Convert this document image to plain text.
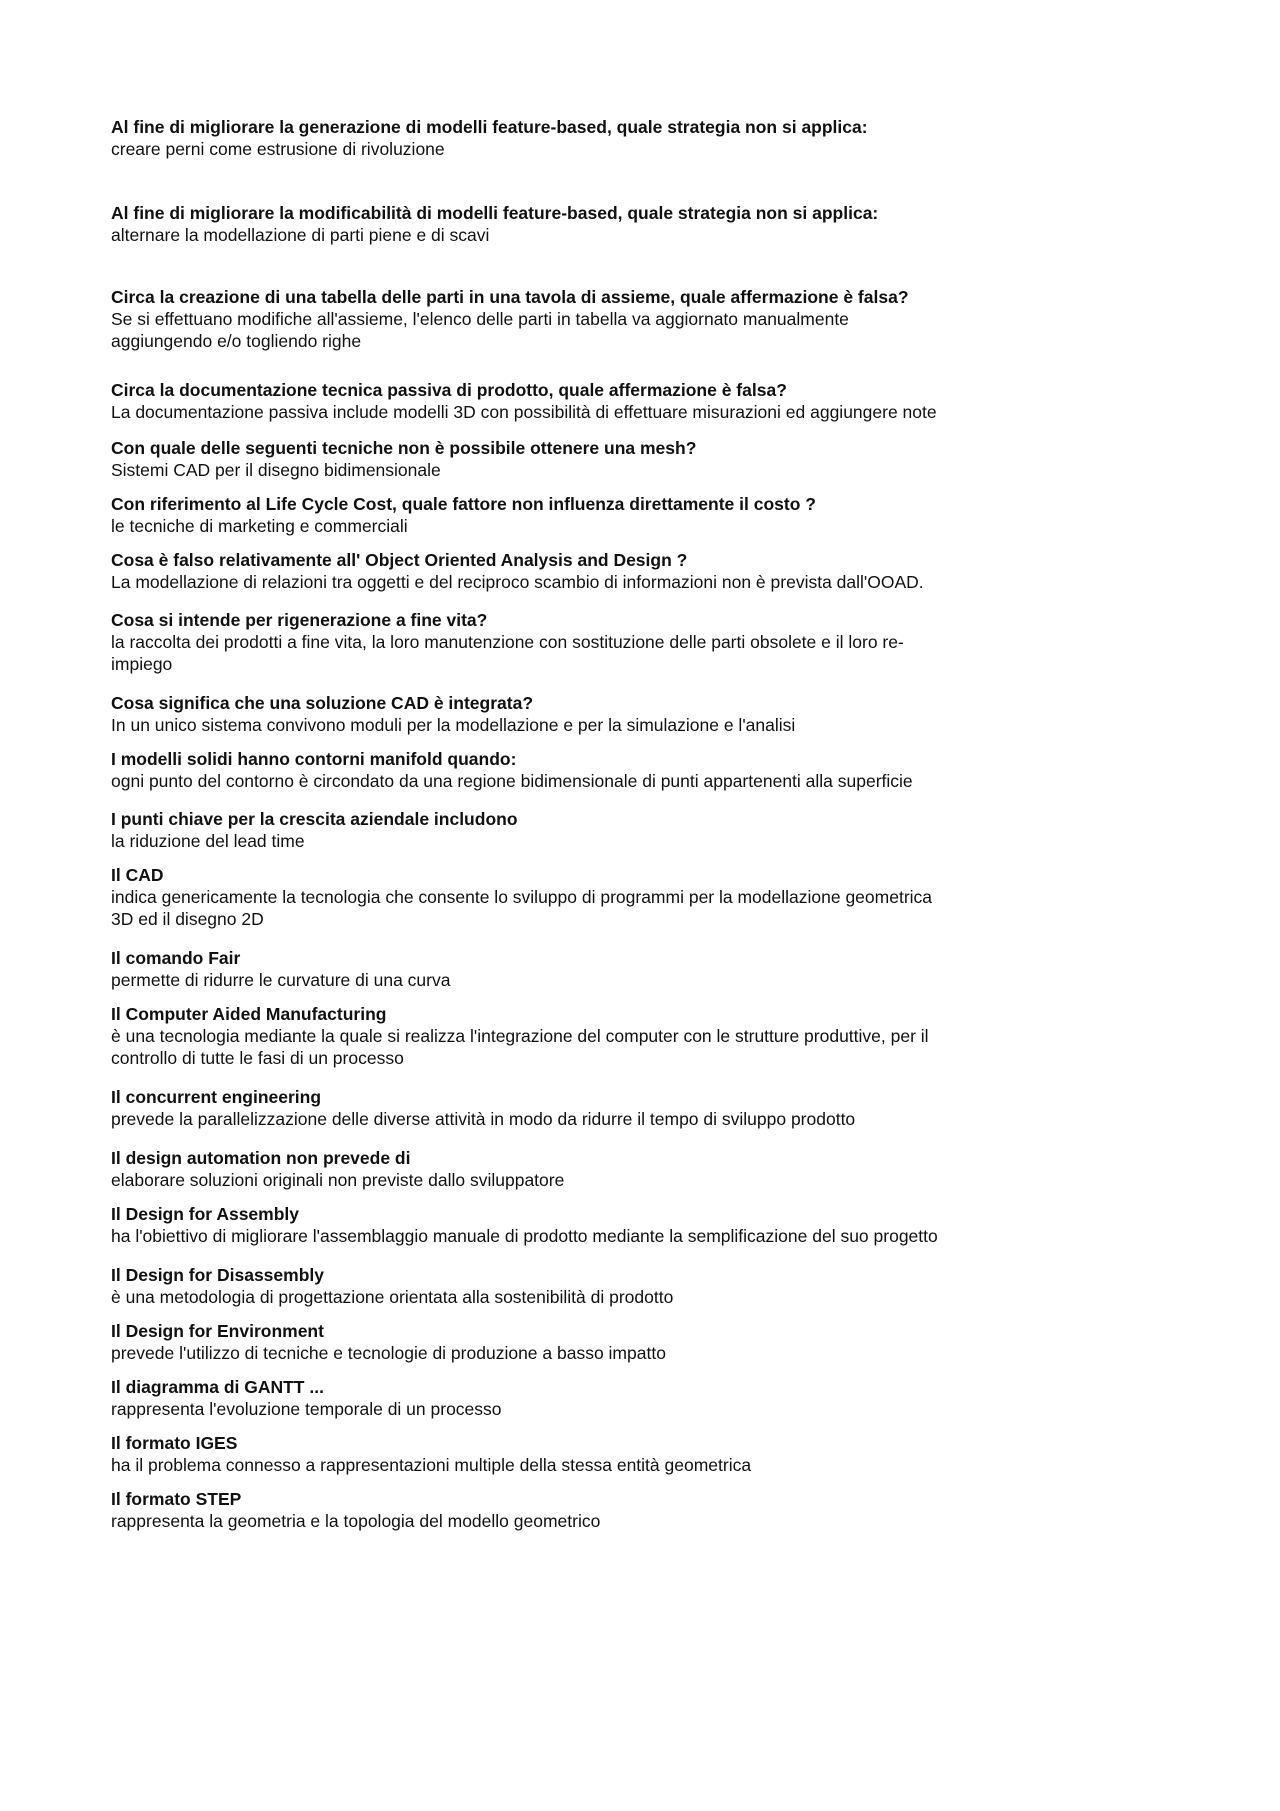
Al fine di migliorare la generazione di modelli feature-based, quale strategia non si applica:

creare perni come estrusione di rivoluzione

Al fine di migliorare la modificabilità di modelli feature-based, quale strategia non si applica:

alternare la modellazione di parti piene e di scavi

Circa la creazione di una tabella delle parti in una tavola di assieme, quale affermazione è falsa?

Se si effettuano modifiche all'assieme, l'elenco delle parti in tabella va aggiornato manualmente aggiungendo e/o togliendo righe

Circa la documentazione tecnica passiva di prodotto, quale affermazione è falsa?

La documentazione passiva include modelli 3D con possibilità di effettuare misurazioni ed aggiungere note

Con quale delle seguenti tecniche non è possibile ottenere una mesh?

Sistemi CAD per il disegno bidimensionale

Con riferimento al Life Cycle Cost, quale fattore non influenza direttamente il costo ?

le tecniche di marketing e commerciali

Cosa è falso relativamente all' Object Oriented Analysis and Design ?

La modellazione di relazioni tra oggetti e del reciproco scambio di informazioni non è prevista dall'OOAD.

Cosa si intende per rigenerazione a fine vita?

la raccolta dei prodotti a fine vita, la loro manutenzione con sostituzione delle parti obsolete e il loro re-impiego

Cosa significa che una soluzione CAD è integrata?

In un unico sistema convivono moduli per la modellazione e per la simulazione e l'analisi

I modelli solidi hanno contorni manifold quando:

ogni punto del contorno è circondato da una regione bidimensionale di punti appartenenti alla superficie

I punti chiave per la crescita aziendale includono

la riduzione del lead time

Il CAD

indica genericamente la tecnologia che consente lo sviluppo di programmi per la modellazione geometrica 3D ed il disegno 2D

Il comando Fair

permette di ridurre le curvature di una curva

Il Computer Aided Manufacturing

è una tecnologia mediante la quale si realizza l'integrazione del computer con le strutture produttive, per il controllo di tutte le fasi di un processo

Il concurrent engineering

prevede la parallelizzazione delle diverse attività in modo da ridurre il tempo di sviluppo prodotto

Il design automation non prevede di

elaborare soluzioni originali non previste dallo sviluppatore

Il Design for Assembly

ha l'obiettivo di migliorare l'assemblaggio manuale di prodotto mediante la semplificazione del suo progetto

Il Design for Disassembly

è una metodologia di progettazione orientata alla sostenibilità di prodotto

Il Design for Environment

prevede l'utilizzo di tecniche e tecnologie di produzione a basso impatto

Il diagramma di GANTT ...

rappresenta l'evoluzione temporale di un processo

Il formato IGES

ha il problema connesso a rappresentazioni multiple della stessa entità geometrica

Il formato STEP

rappresenta la geometria e la topologia del modello geometrico
